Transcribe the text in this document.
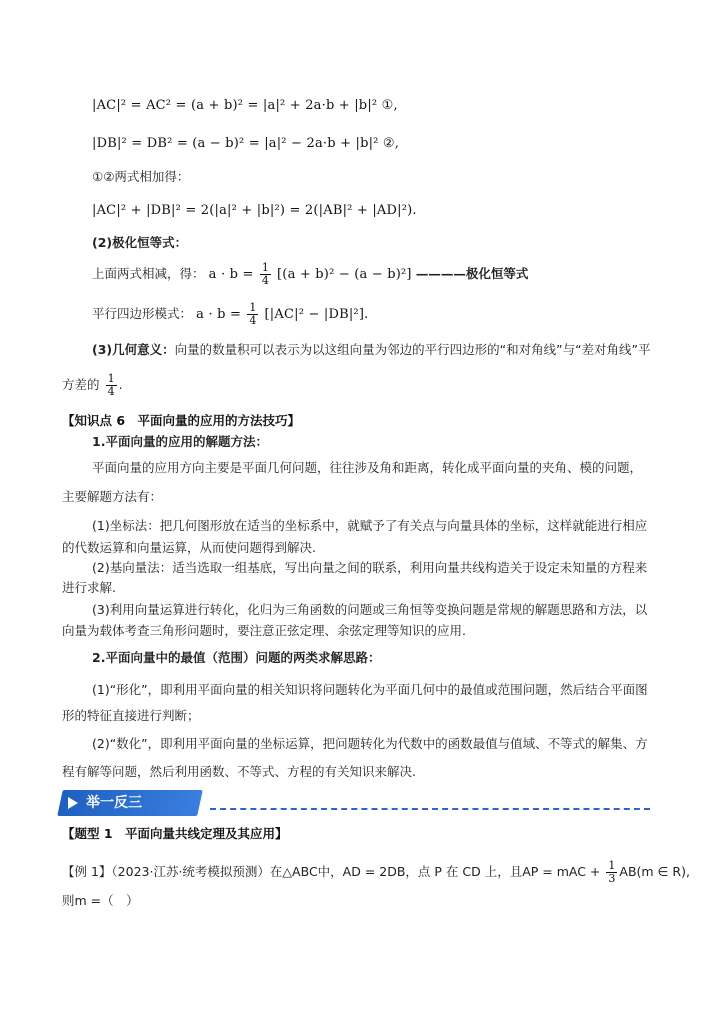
|AC|² = AC² = (a + b)² = |a|² + 2a·b + |b|² ①,
|DB|² = DB² = (a − b)² = |a|² − 2a·b + |b|² ②,
①②两式相加得：
|AC|² + |DB|² = 2(|a|² + |b|²) = 2(|AB|² + |AD|²).
(2)极化恒等式：
上面两式相减，得： $a \cdot b = \frac{1}{4} [(a + b)^2 - (a - b)^2]$ ————极化恒等式
平行四边形模式： $a \cdot b = \frac{1}{4} [|AC|^2 - |DB|^2]$.
(3)几何意义：向量的数量积可以表示为以这组向量为邻边的平行四边形的“和对角线”与“差对角线”平
方差的 $\frac{1}{4}$ .
【知识点 6　平面向量的应用的方法技巧】
1.平面向量的应用的解题方法：
平面向量的应用方向主要是平面几何问题，往往涉及角和距离，转化成平面向量的夹角、模的问题，
主要解题方法有：
(1)坐标法：把几何图形放在适当的坐标系中，就赋予了有关点与向量具体的坐标，这样就能进行相应
的代数运算和向量运算，从而使问题得到解决.
(2)基向量法：适当选取一组基底，写出向量之间的联系，利用向量共线构造关于设定未知量的方程来
进行求解.
(3)利用向量运算进行转化，化归为三角函数的问题或三角恒等变换问题是常规的解题思路和方法，以
向量为载体考查三角形问题时，要注意正弦定理、余弦定理等知识的应用.
2.平面向量中的最值（范围）问题的两类求解思路：
(1)“形化”，即利用平面向量的相关知识将问题转化为平面几何中的最值或范围问题，然后结合平面图
形的特征直接进行判断；
(2)“数化”，即利用平面向量的坐标运算，把问题转化为代数中的函数最值与值域、不等式的解集、方
程有解等问题，然后利用函数、不等式、方程的有关知识来解决.
举一反三
【题型 1　平面向量共线定理及其应用】
【例 1】（2023·江苏·统考模拟预测）在△ABC中，AD = 2DB，点 P 在 CD 上，且AP = mAC + $\frac{1}{3} AB(m$ ∈ R),
则m =（　）
